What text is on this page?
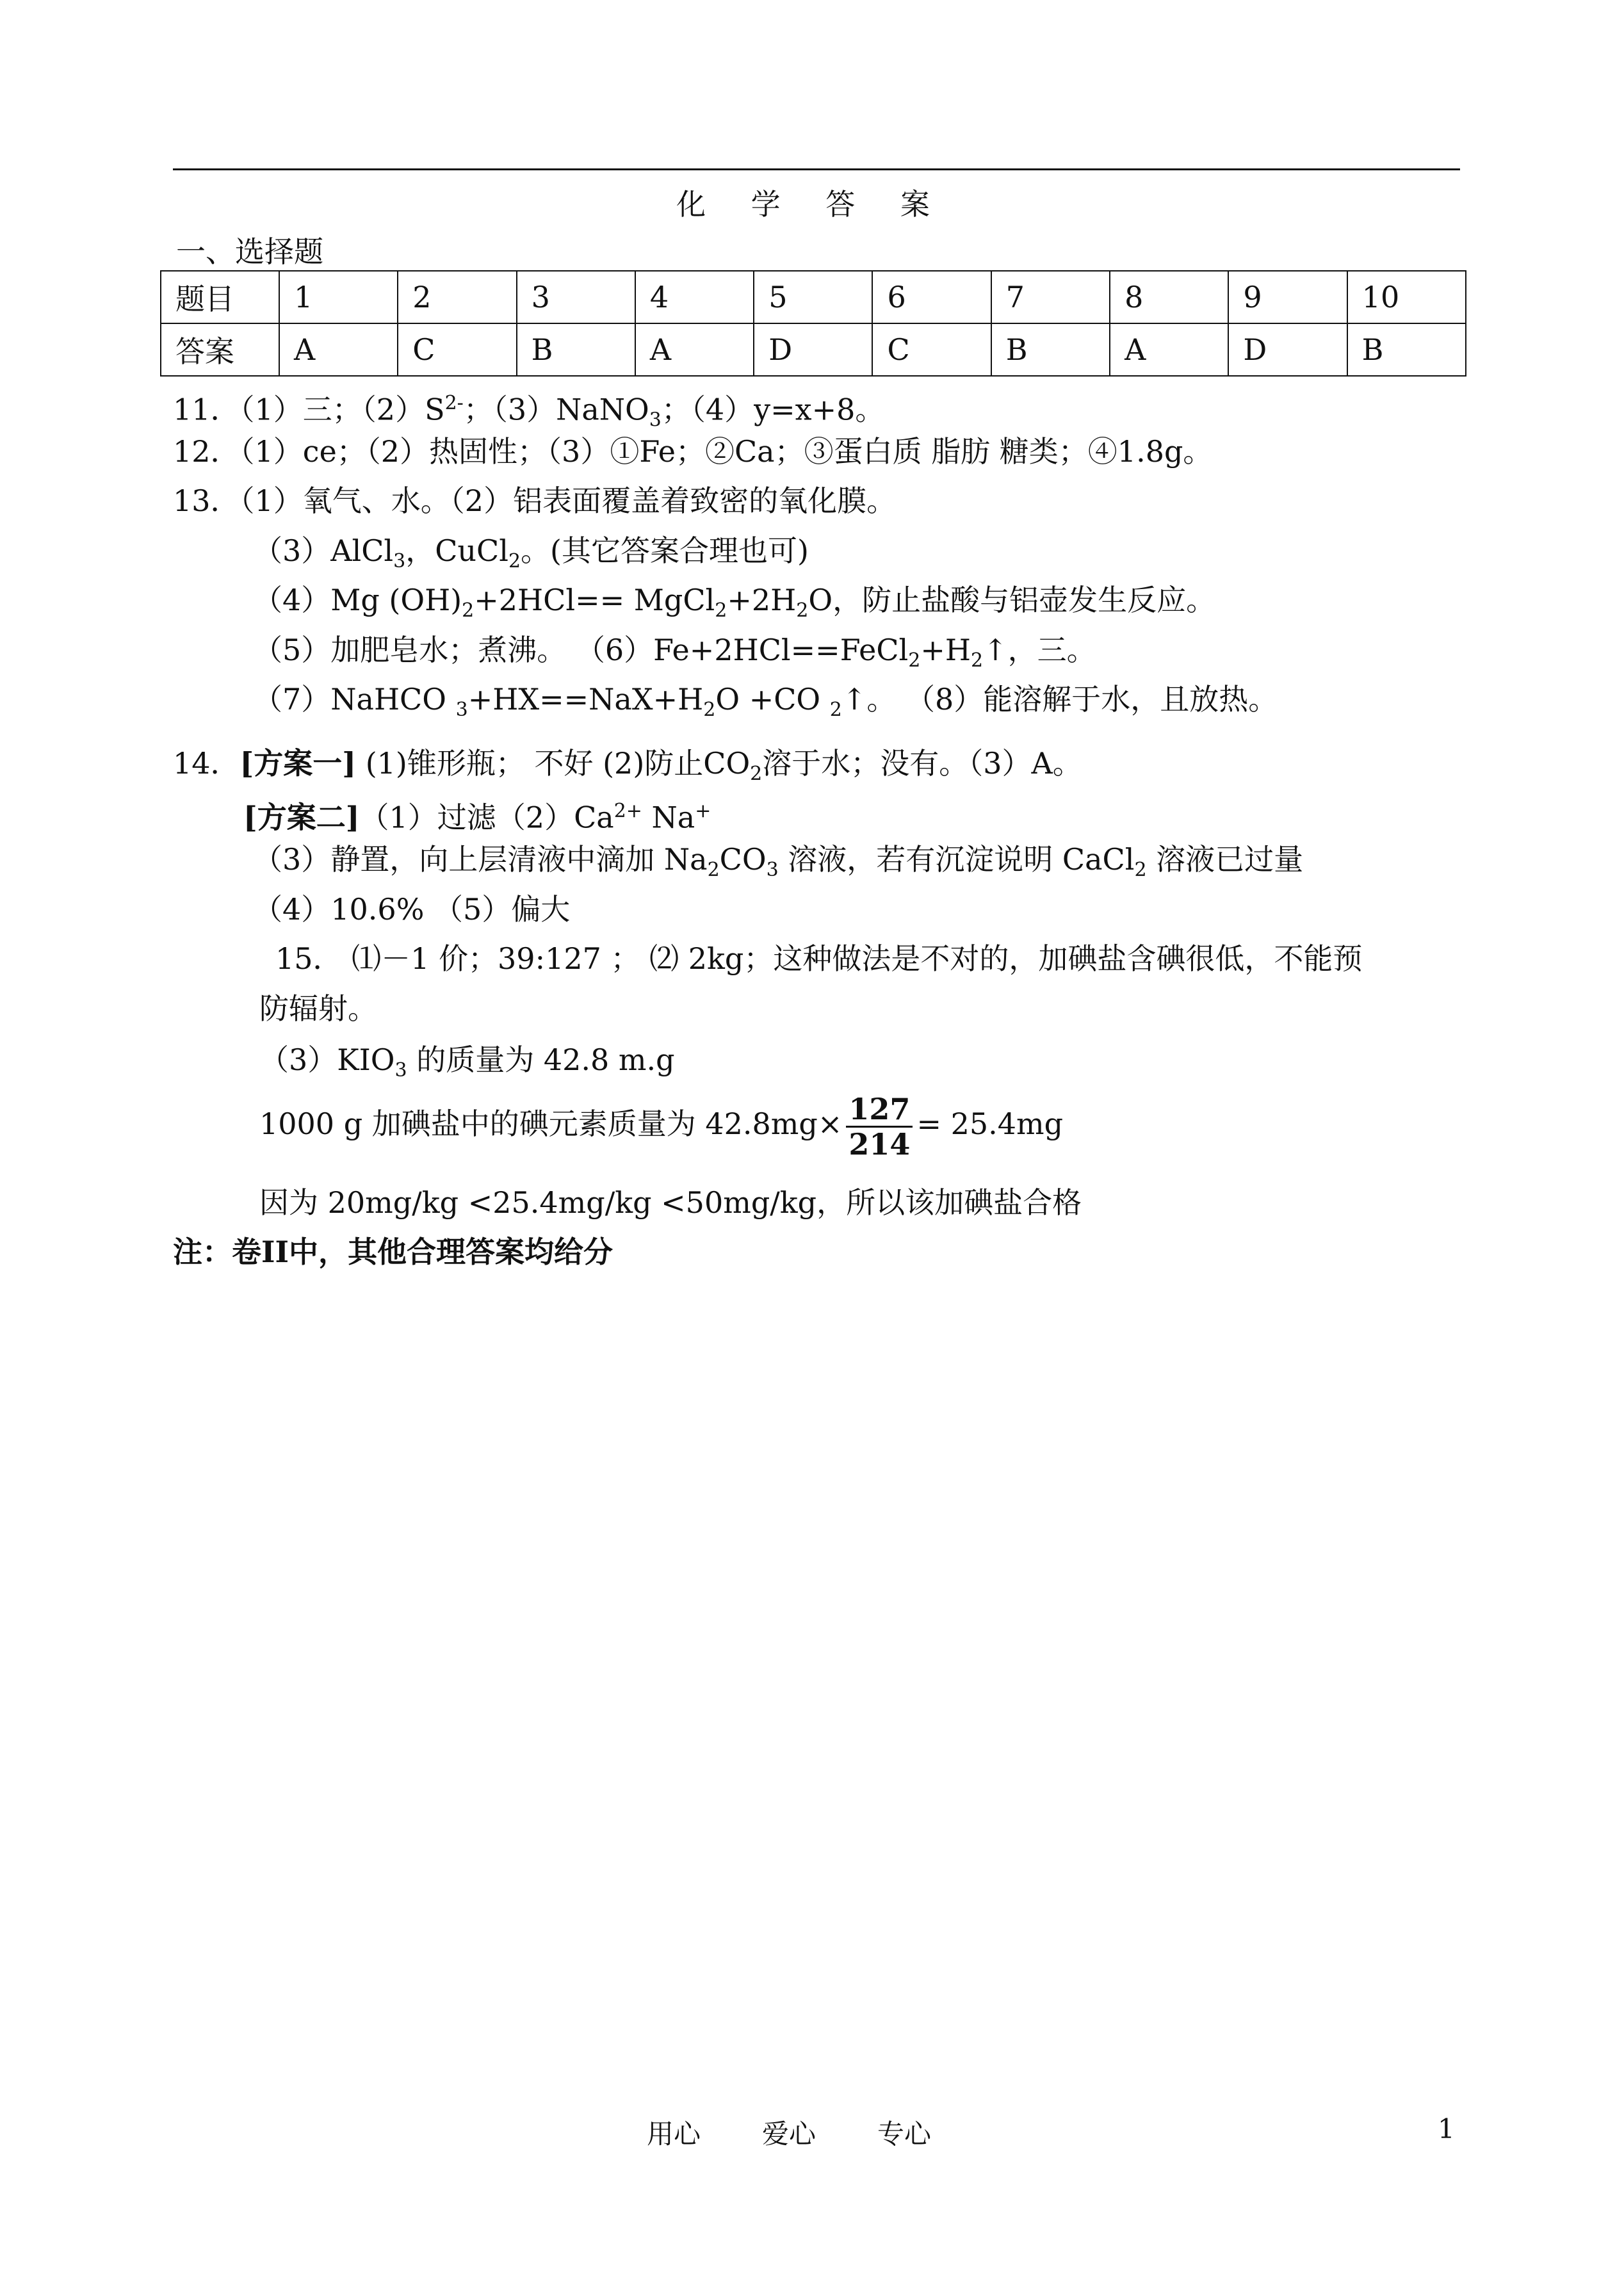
化 学 答 案
一、选择题
题目	1	2	3	4	5	6	7	8	9	10
答案	A	C	B	A	D	C	B	A	D	B
11．（1）三；$(2)S^{2-}$；（3）NaNO$_3$；（4）y=x+8。
12．（1）ce；（2）热固性；（3）①Fe；②Ca；③蛋白质 脂肪 糖类；④1.8g。
13．（1）氧气、水。（2）铝表面覆盖着致密的氧化膜。
（3）AlCl$_3$，CuCl$_2$。(其它答案合理也可)
（4）Mg $(OH)_2+2HCl==$ $MgCl_2+2H_2O$，防止盐酸与铝壶发生反应。
（5）加肥皂水；煮沸。 $(6)Fe+2HCl==FeCl_2+H_2↑$，三。
（7）NaHCO $_3+HX==NaX+H_2O +CO$ $_2$↑。 （8）能溶解于水，且放热。
14．[方案一] (1)锥形瓶； 不好 (2)防止$CO_2$溶于水；没有。（3）A。
[方案二]（1）过滤$(2)Ca^{2+}$ Na+
（3）静置，向上层清液中滴加 $Na_2CO_3$ 溶液，若有沉淀说明 CaCl$_2$ 溶液已过量
（4）10.6% （5）偏大
15． ⑴－1 价；39:127 ； ⑵ 2kg；这种做法是不对的，加碘盐含碘很低，不能预
防辐射。
$(3)KIO_3$ 的质量为 42.8 m.g
1000 g 加碘盐中的碘元素质量为 $42.8mg\times \frac{127}{214} = 25.4mg$
因为 20mg/kg <25.4mg/kg <50mg/kg，所以该加碘盐合格
注：卷II中，其他合理答案均给分
用心 爱心 专心	1
